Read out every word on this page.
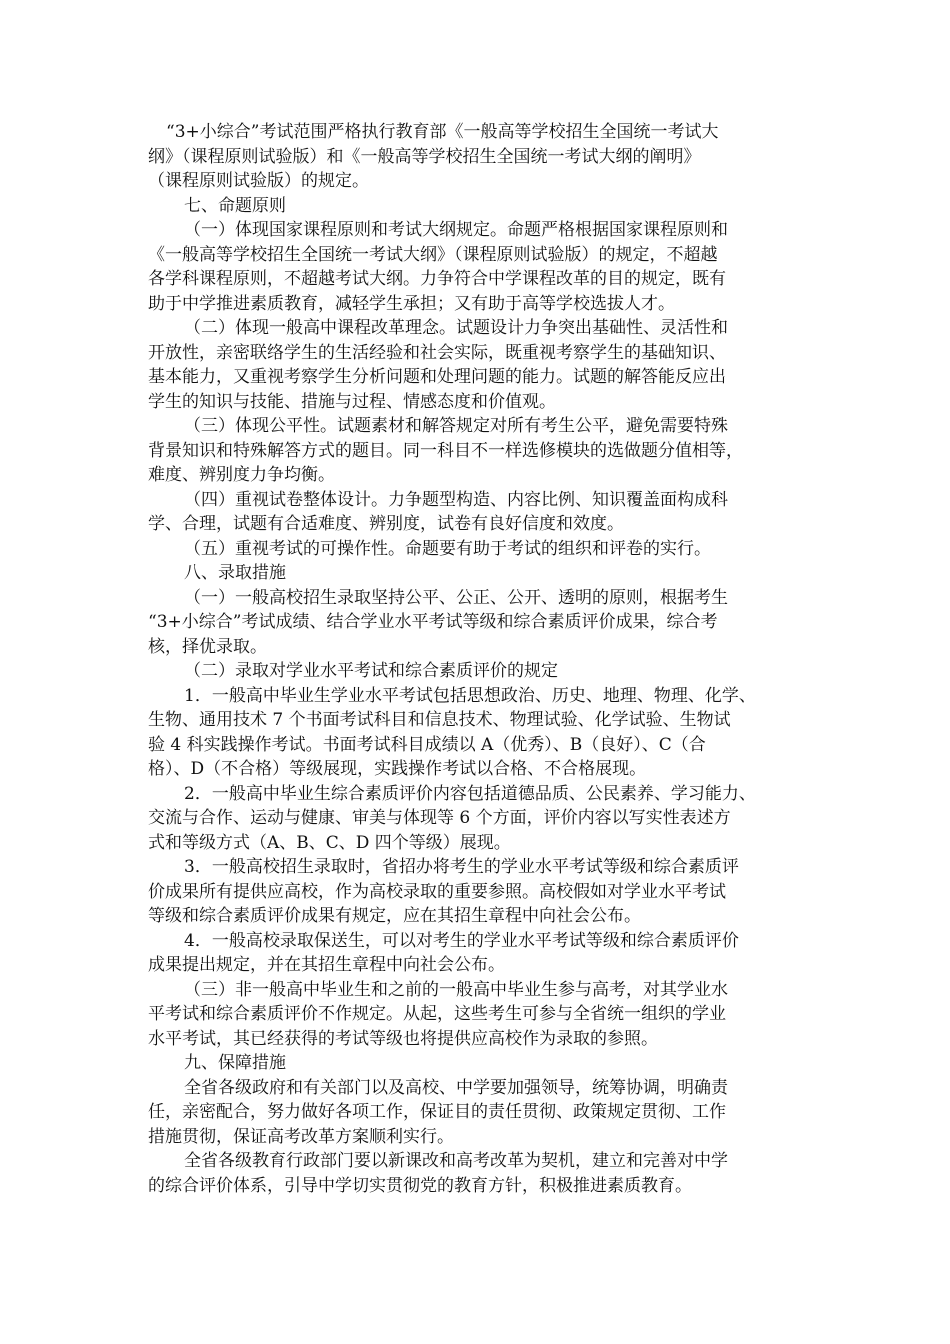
“3+小综合”考试范围严格执行教育部《一般高等学校招生全国统一考试大
纲》（课程原则试验版）和《一般高等学校招生全国统一考试大纲的阐明》
（课程原则试验版）的规定。
七、命题原则
（一）体现国家课程原则和考试大纲规定。命题严格根据国家课程原则和
《一般高等学校招生全国统一考试大纲》（课程原则试验版）的规定，不超越
各学科课程原则，不超越考试大纲。力争符合中学课程改革的目的规定，既有
助于中学推进素质教育，减轻学生承担；又有助于高等学校选拔人才。
（二）体现一般高中课程改革理念。试题设计力争突出基础性、灵活性和
开放性，亲密联络学生的生活经验和社会实际，既重视考察学生的基础知识、
基本能力，又重视考察学生分析问题和处理问题的能力。试题的解答能反应出
学生的知识与技能、措施与过程、情感态度和价值观。
（三）体现公平性。试题素材和解答规定对所有考生公平，避免需要特殊
背景知识和特殊解答方式的题目。同一科目不一样选修模块的选做题分值相等，
难度、辨别度力争均衡。
（四）重视试卷整体设计。力争题型构造、内容比例、知识覆盖面构成科
学、合理，试题有合适难度、辨别度，试卷有良好信度和效度。
（五）重视考试的可操作性。命题要有助于考试的组织和评卷的实行。
八、录取措施
（一）一般高校招生录取坚持公平、公正、公开、透明的原则，根据考生
“3+小综合”考试成绩、结合学业水平考试等级和综合素质评价成果，综合考
核，择优录取。
（二）录取对学业水平考试和综合素质评价的规定
1．一般高中毕业生学业水平考试包括思想政治、历史、地理、物理、化学、
生物、通用技术 7 个书面考试科目和信息技术、物理试验、化学试验、生物试
验 4 科实践操作考试。书面考试科目成绩以 A（优秀）、B（良好）、C（合
格）、D（不合格）等级展现，实践操作考试以合格、不合格展现。
2．一般高中毕业生综合素质评价内容包括道德品质、公民素养、学习能力、
交流与合作、运动与健康、审美与体现等 6 个方面，评价内容以写实性表述方
式和等级方式（A、B、C、D 四个等级）展现。
3．一般高校招生录取时，省招办将考生的学业水平考试等级和综合素质评
价成果所有提供应高校，作为高校录取的重要参照。高校假如对学业水平考试
等级和综合素质评价成果有规定，应在其招生章程中向社会公布。
4．一般高校录取保送生，可以对考生的学业水平考试等级和综合素质评价
成果提出规定，并在其招生章程中向社会公布。
（三）非一般高中毕业生和之前的一般高中毕业生参与高考，对其学业水
平考试和综合素质评价不作规定。从起，这些考生可参与全省统一组织的学业
水平考试，其已经获得的考试等级也将提供应高校作为录取的参照。
九、保障措施
全省各级政府和有关部门以及高校、中学要加强领导，统筹协调，明确责
任，亲密配合，努力做好各项工作，保证目的责任贯彻、政策规定贯彻、工作
措施贯彻，保证高考改革方案顺利实行。
全省各级教育行政部门要以新课改和高考改革为契机，建立和完善对中学
的综合评价体系，引导中学切实贯彻党的教育方针，积极推进素质教育。
